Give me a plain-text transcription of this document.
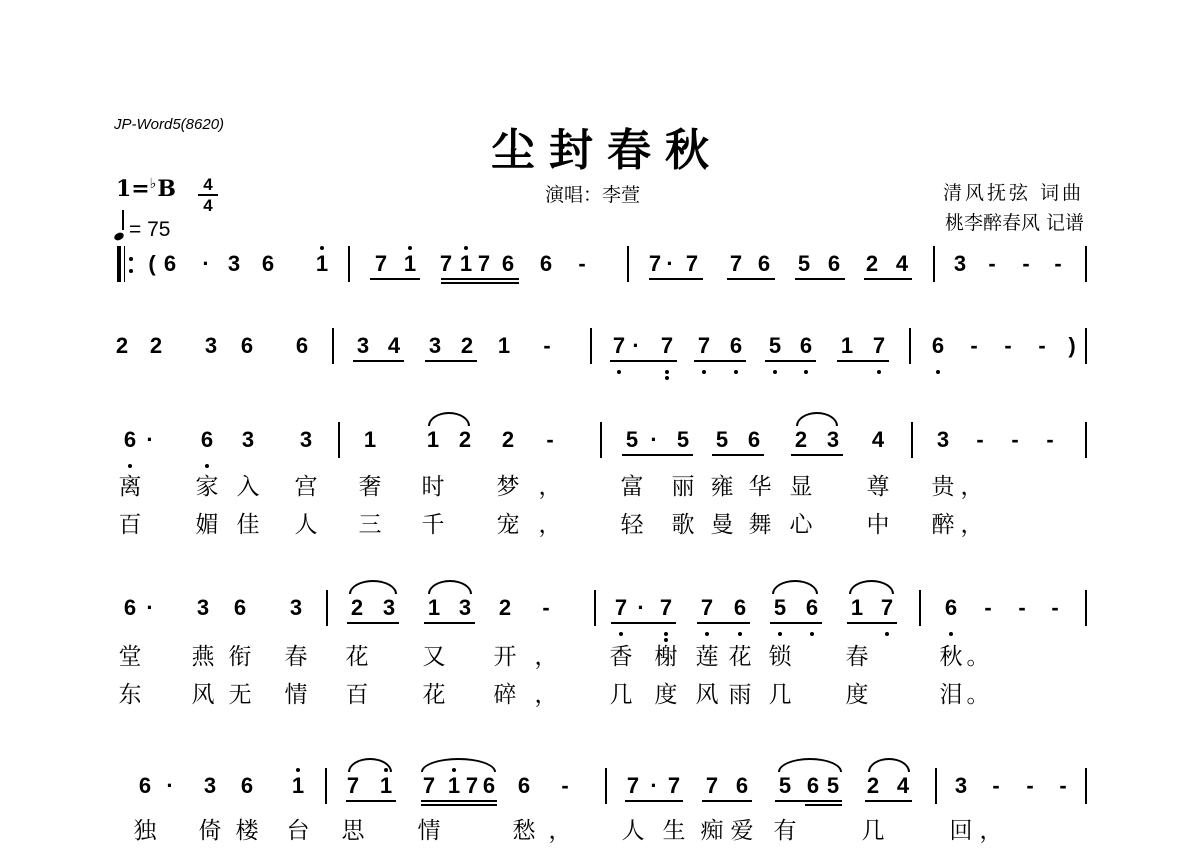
JP-Word5(8620)
尘封春秋
1=♭B	4
4
= 75
演唱：李萱	清风抚弦 词曲
桃李醉春风 记谱
( 6 · 3 6 1 7 1 7 1 7 6 6 -	7 · 7 7 6 5 6 2 4 3 - - -
2 2 3 6 6 3 4 3 2 1 -	7 · 7 7 6 5 6 1 7 6 - - - )
6 · 6 3 3 1 1 2 2 -	5 · 5 5 6 2 3 4 3 - - -
6 · 3 6 3 2 3 1 3 2 -	7 · 7 7 6 5 6 1 7 6 - - -
6 · 3 6 1 7 1 7 1 7 6 6 -	7 · 7 7 6 5 6 5 2 4 3 - - -
离 家 入 宫 奢 时 梦 ，	富 丽 雍 华 显 尊 贵 ，
百 媚 佳 人 三 千 宠 ，	轻 歌 曼 舞 心 中 醉 ，
堂 燕 衔 春 花 又 开 ， 香 榭 莲 花 锁 春	秋 。
东 风 无 情 百 花 碎 ， 几 度 风 雨 几 度	泪 。
独 倚 楼 台 思 情	愁 ， 人 生 痴 爱 有	几	回 ，
